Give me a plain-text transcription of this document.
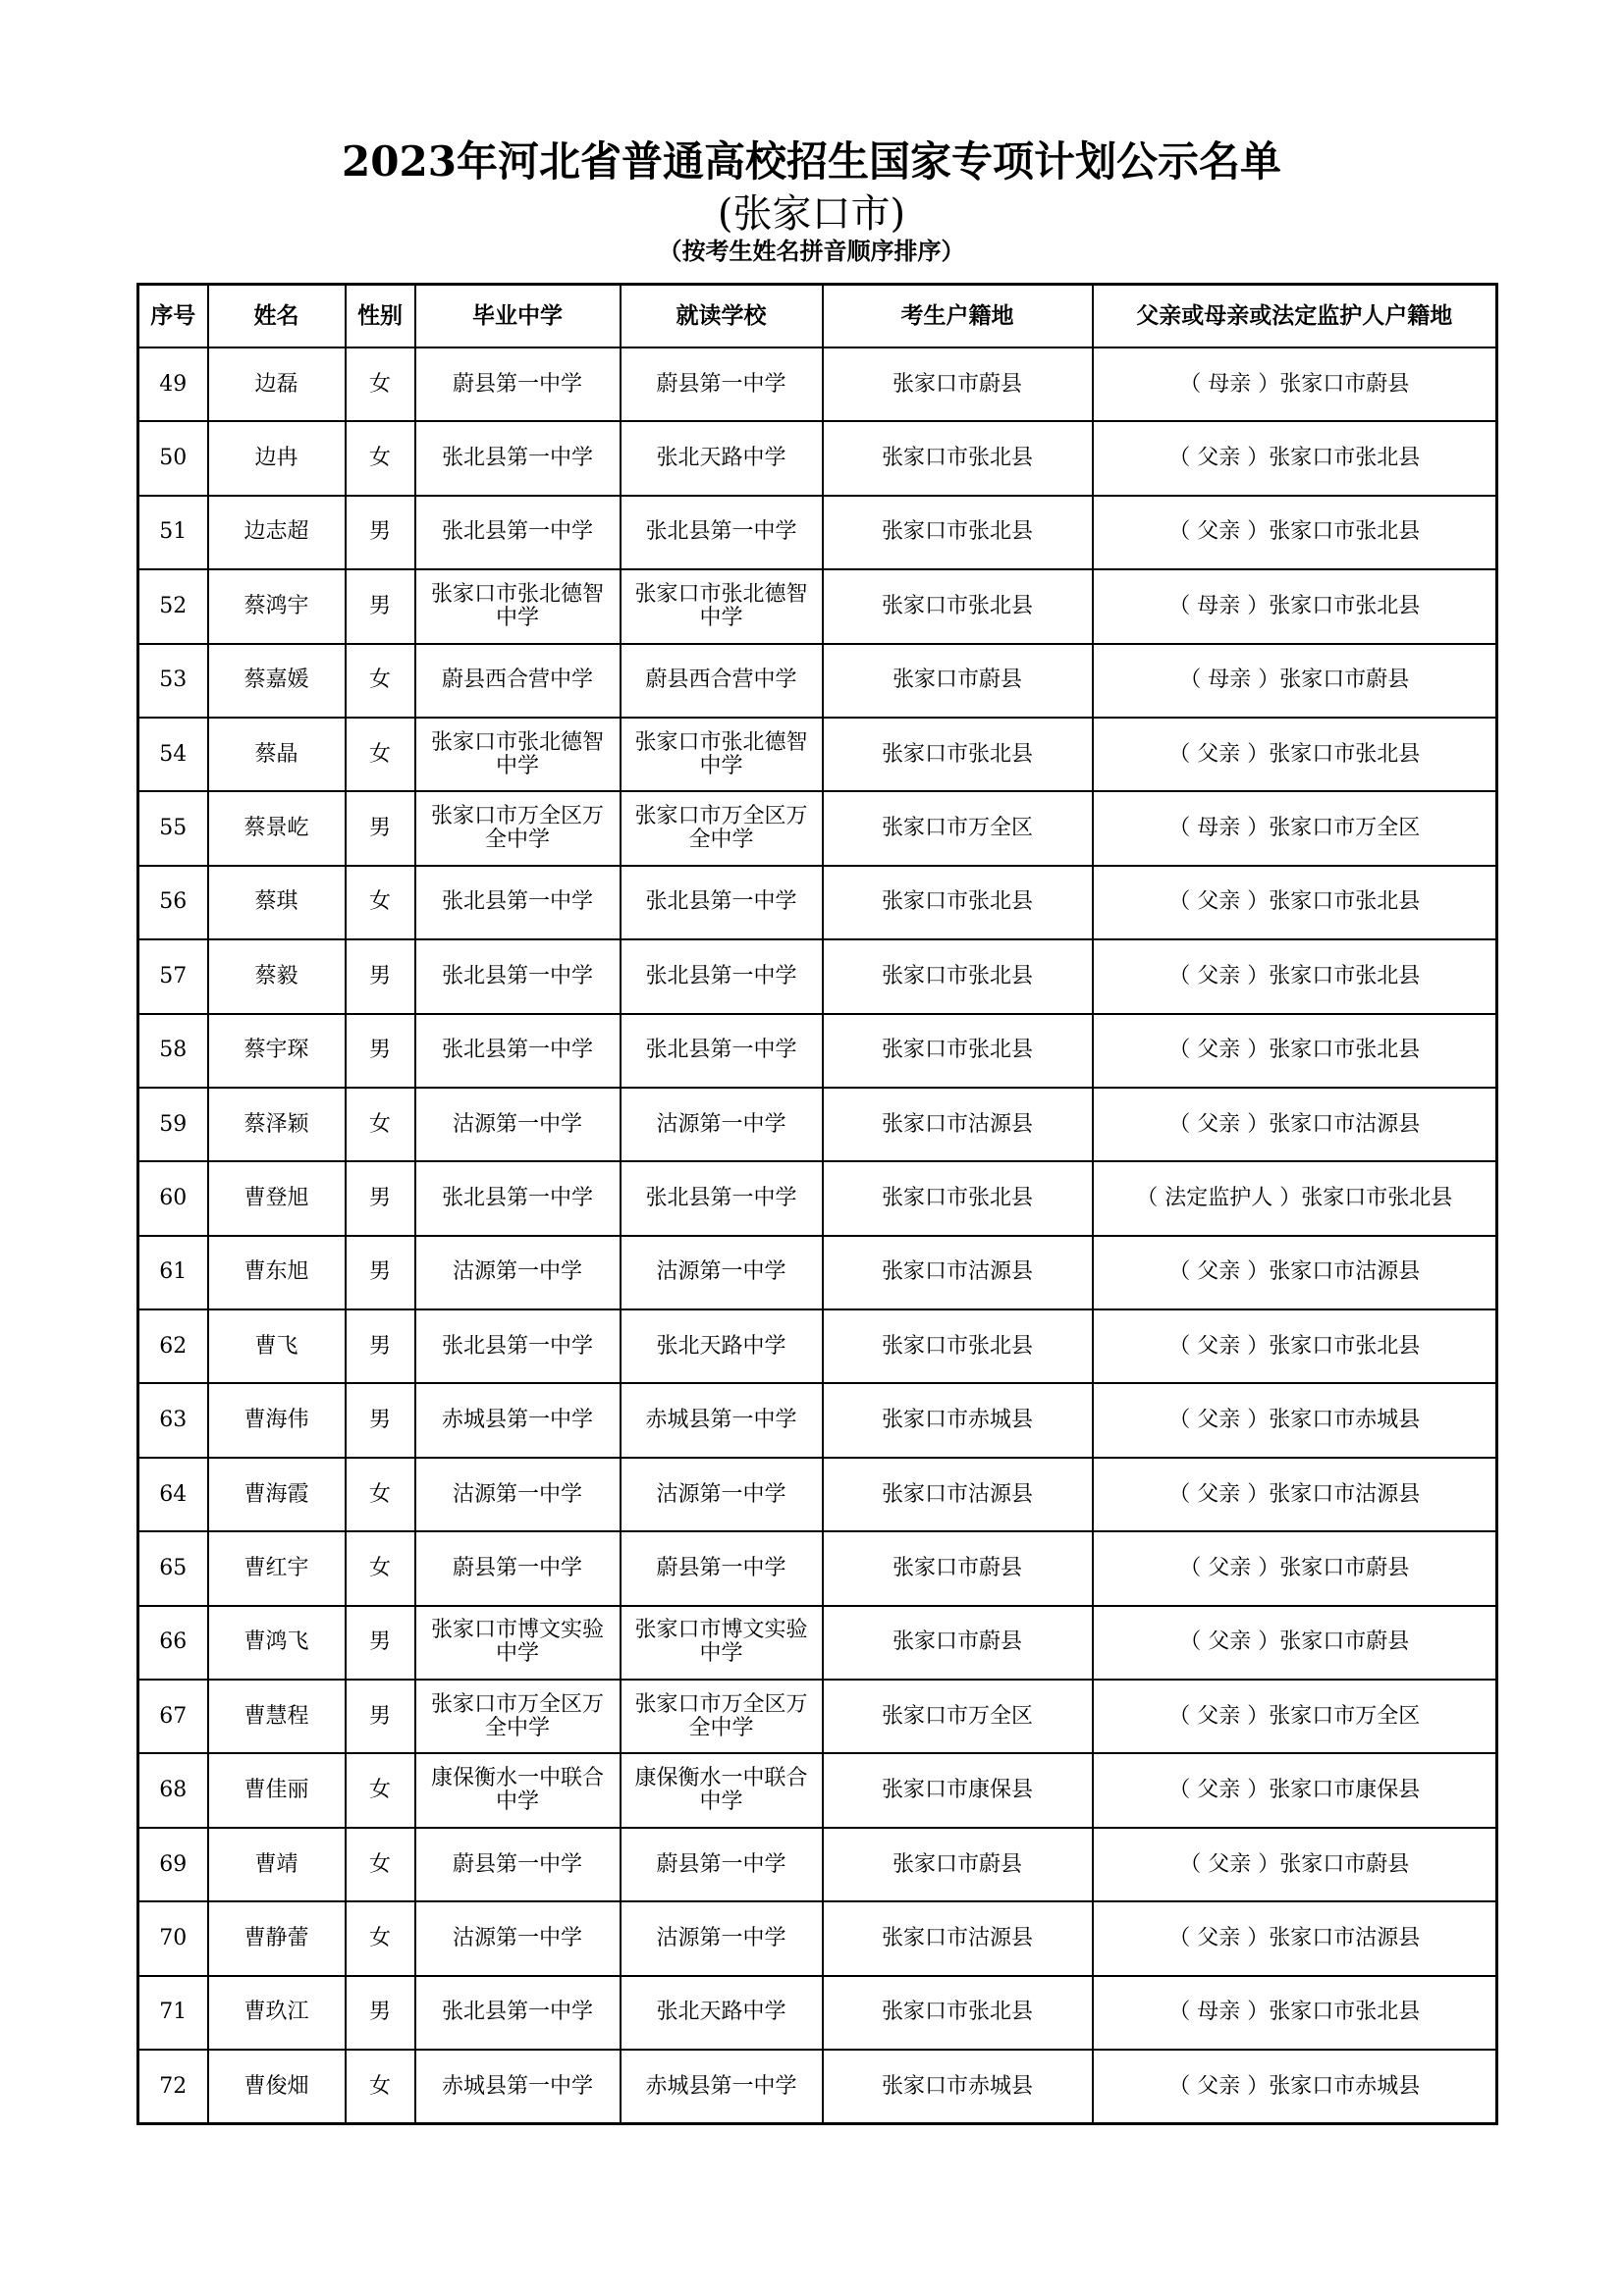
2023年河北省普通高校招生国家专项计划公示名单
(张家口市)
（按考生姓名拼音顺序排序）
序号	姓名	性别	毕业中学	就读学校	考生户籍地	父亲或母亲或法定监护人户籍地
49	边磊	女	蔚县第一中学	蔚县第一中学	张家口市蔚县	（ 母亲 ）张家口市蔚县
50	边冉	女	张北县第一中学	张北天路中学	张家口市张北县	（ 父亲 ）张家口市张北县
51	边志超	男	张北县第一中学	张北县第一中学	张家口市张北县	（ 父亲 ）张家口市张北县
52	蔡鸿宇	男	张家口市张北德智中学	张家口市张北德智中学	张家口市张北县	（ 母亲 ）张家口市张北县
53	蔡嘉媛	女	蔚县西合营中学	蔚县西合营中学	张家口市蔚县	（ 母亲 ）张家口市蔚县
54	蔡晶	女	张家口市张北德智中学	张家口市张北德智中学	张家口市张北县	（ 父亲 ）张家口市张北县
55	蔡景屹	男	张家口市万全区万全中学	张家口市万全区万全中学	张家口市万全区	（ 母亲 ）张家口市万全区
56	蔡琪	女	张北县第一中学	张北县第一中学	张家口市张北县	（ 父亲 ）张家口市张北县
57	蔡毅	男	张北县第一中学	张北县第一中学	张家口市张北县	（ 父亲 ）张家口市张北县
58	蔡宇琛	男	张北县第一中学	张北县第一中学	张家口市张北县	（ 父亲 ）张家口市张北县
59	蔡泽颖	女	沽源第一中学	沽源第一中学	张家口市沽源县	（ 父亲 ）张家口市沽源县
60	曹登旭	男	张北县第一中学	张北县第一中学	张家口市张北县	（ 法定监护人 ）张家口市张北县
61	曹东旭	男	沽源第一中学	沽源第一中学	张家口市沽源县	（ 父亲 ）张家口市沽源县
62	曹飞	男	张北县第一中学	张北天路中学	张家口市张北县	（ 父亲 ）张家口市张北县
63	曹海伟	男	赤城县第一中学	赤城县第一中学	张家口市赤城县	（ 父亲 ）张家口市赤城县
64	曹海霞	女	沽源第一中学	沽源第一中学	张家口市沽源县	（ 父亲 ）张家口市沽源县
65	曹红宇	女	蔚县第一中学	蔚县第一中学	张家口市蔚县	（ 父亲 ）张家口市蔚县
66	曹鸿飞	男	张家口市博文实验中学	张家口市博文实验中学	张家口市蔚县	（ 父亲 ）张家口市蔚县
67	曹慧程	男	张家口市万全区万全中学	张家口市万全区万全中学	张家口市万全区	（ 父亲 ）张家口市万全区
68	曹佳丽	女	康保衡水一中联合中学	康保衡水一中联合中学	张家口市康保县	（ 父亲 ）张家口市康保县
69	曹靖	女	蔚县第一中学	蔚县第一中学	张家口市蔚县	（ 父亲 ）张家口市蔚县
70	曹静蕾	女	沽源第一中学	沽源第一中学	张家口市沽源县	（ 父亲 ）张家口市沽源县
71	曹玖江	男	张北县第一中学	张北天路中学	张家口市张北县	（ 母亲 ）张家口市张北县
72	曹俊畑	女	赤城县第一中学	赤城县第一中学	张家口市赤城县	（ 父亲 ）张家口市赤城县
